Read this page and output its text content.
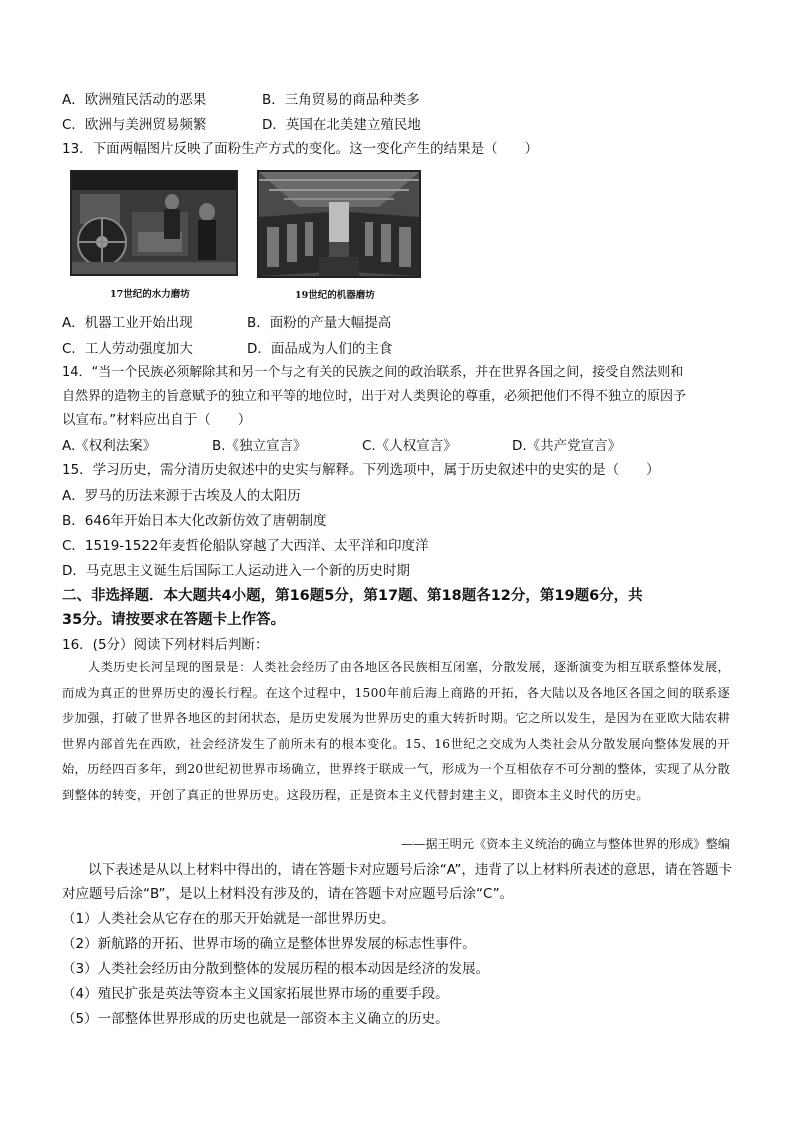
A．欧洲殖民活动的恶果	B．三角贸易的商品种类多
C．欧洲与美洲贸易频繁	D．英国在北美建立殖民地
13．下面两幅图片反映了面粉生产方式的变化。这一变化产生的结果是（　　）
17世纪的水力磨坊	19世纪的机器磨坊
A．机器工业开始出现	B．面粉的产量大幅提高
C．工人劳动强度加大	D．面品成为人们的主食
14．“当一个民族必须解除其和另一个与之有关的民族之间的政治联系，并在世界各国之间，接受自然法则和
自然界的造物主的旨意赋予的独立和平等的地位时，出于对人类舆论的尊重，必须把他们不得不独立的原因予
以宣布。”材料应出自于（　　）
A.《权利法案》	B.《独立宣言》	C.《人权宣言》	D.《共产党宣言》
15．学习历史，需分清历史叙述中的史实与解释。下列选项中，属于历史叙述中的史实的是（　　）
A．罗马的历法来源于古埃及人的太阳历
B．646年开始日本大化改新仿效了唐朝制度
C．1519-1522年麦哲伦船队穿越了大西洋、太平洋和印度洋
D．马克思主义诞生后国际工人运动进入一个新的历史时期
二、非选择题．本大题共4小题，第16题5分，第17题、第18题各12分，第19题6分，共
35分。请按要求在答题卡上作答。
16．(5分）阅读下列材料后判断：
人类历史长河呈现的图景是：人类社会经历了由各地区各民族相互闭塞，分散发展，逐渐演变为相互联系整体发展，而成为真正的世界历史的漫长行程。在这个过程中，1500年前后海上商路的开拓，各大陆以及各地区各国之间的联系逐步加强，打破了世界各地区的封闭状态，是历史发展为世界历史的重大转折时期。它之所以发生，是因为在亚欧大陆农耕世界内部首先在西欧，社会经济发生了前所未有的根本变化。15、16世纪之交成为人类社会从分散发展向整体发展的开始，历经四百多年，到20世纪初世界市场确立，世界终于联成一气，形成为一个互相依存不可分割的整体，实现了从分散到整体的转变，开创了真正的世界历史。这段历程，正是资本主义代替封建主义，即资本主义时代的历史。
——据王明元《资本主义统治的确立与整体世界的形成》整编
以下表述是从以上材料中得出的，请在答题卡对应题号后涂“A”，违背了以上材料所表述的意思，请在答题卡对应题号后涂“B”，是以上材料没有涉及的，请在答题卡对应题号后涂“C”。
（1）人类社会从它存在的那天开始就是一部世界历史。
（2）新航路的开拓、世界市场的确立是整体世界发展的标志性事件。
（3）人类社会经历由分散到整体的发展历程的根本动因是经济的发展。
（4）殖民扩张是英法等资本主义国家拓展世界市场的重要手段。
（5）一部整体世界形成的历史也就是一部资本主义确立的历史。
